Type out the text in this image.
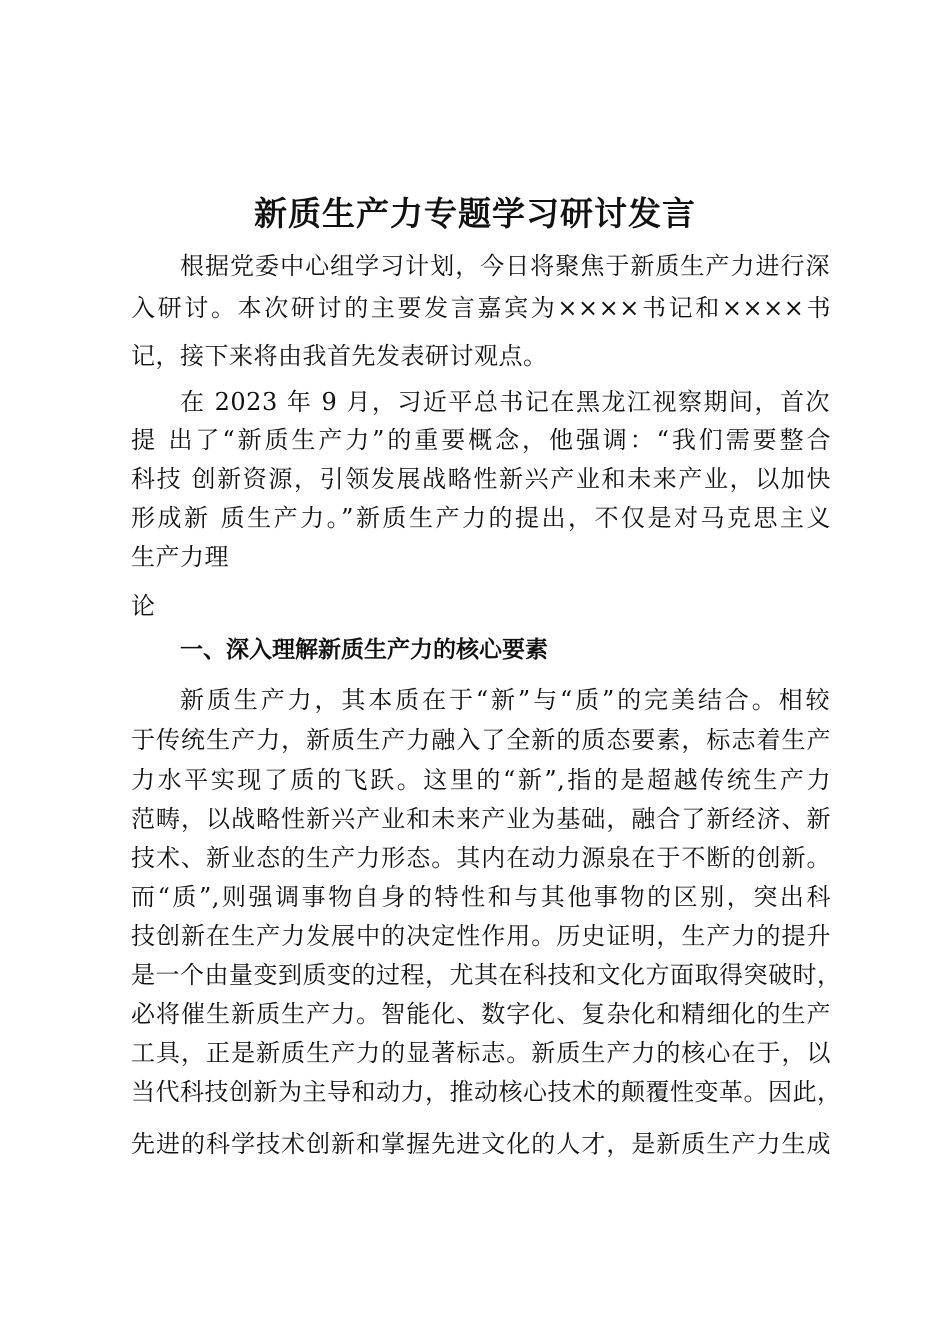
新质生产力专题学习研讨发言
根据党委中心组学习计划，今日将聚焦于新质生产力进行深
入研讨。本次研讨的主要发言嘉宾为××××书记和××××书
记，接下来将由我首先发表研讨观点。
在 2023 年 9 月，习近平总书记在黑龙江视察期间，首次
提 出了“新质生产力”的重要概念，他强调：“我们需要整合
科技 创新资源，引领发展战略性新兴产业和未来产业，以加快
形成新 质生产力。”新质生产力的提出，不仅是对马克思主义
生产力理
论
一、深入理解新质生产力的核心要素
新质生产力，其本质在于“新”与“质”的完美结合。相较
于传统生产力，新质生产力融入了全新的质态要素，标志着生产
力水平实现了质的飞跃。这里的“新”,指的是超越传统生产力
范畴，以战略性新兴产业和未来产业为基础，融合了新经济、新
技术、新业态的生产力形态。其内在动力源泉在于不断的创新。
而“质”,则强调事物自身的特性和与其他事物的区别，突出科
技创新在生产力发展中的决定性作用。历史证明，生产力的提升
是一个由量变到质变的过程，尤其在科技和文化方面取得突破时，
必将催生新质生产力。智能化、数字化、复杂化和精细化的生产
工具，正是新质生产力的显著标志。新质生产力的核心在于，以
当代科技创新为主导和动力，推动核心技术的颠覆性变革。因此，
先进的科学技术创新和掌握先进文化的人才，是新质生产力生成
